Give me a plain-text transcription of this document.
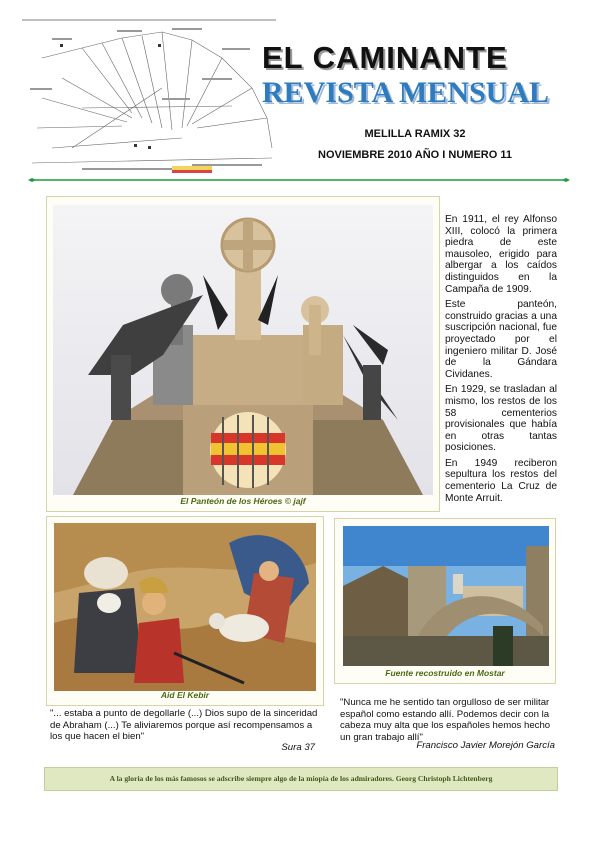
EL CAMINANTE
REVISTA MENSUAL
MELILLA RAMIX 32
NOVIEMBRE 2010 AÑO I NUMERO 11
El Panteón de los Héroes © jajf

En 1911, el rey Alfonso XIII, colocó la primera piedra de este mausoleo, erigido para albergar a los caídos distinguidos en la Campaña de 1909.

Este panteón, construido gracias a una suscripción nacional, fue proyectado por el ingeniero militar D. José de la Gándara Cividanes.

En 1929, se trasladan al mismo, los restos de los 58 cementerios provisionales que había en otras tantas posiciones.

En 1949 reciberon sepultura los restos del cementerio La Cruz de Monte Arruit.

Aid El Kebir
Fuente recostruido en Mostar
"... estaba a punto de degollarle (...) Dios supo de la sinceridad de Abraham (...) Te aliviaremos porque así recompensamos a los que hacen el bien"
Sura 37
"Nunca me he sentido tan orgulloso de ser militar español como estando allí. Podemos decir con la cabeza muy alta que los españoles hemos hecho un gran trabajo allí"
Francisco Javier Morejón García
A la gloria de los más famosos se adscribe siempre algo de la miopía de los admiradores. Georg Christoph Lichtenberg
